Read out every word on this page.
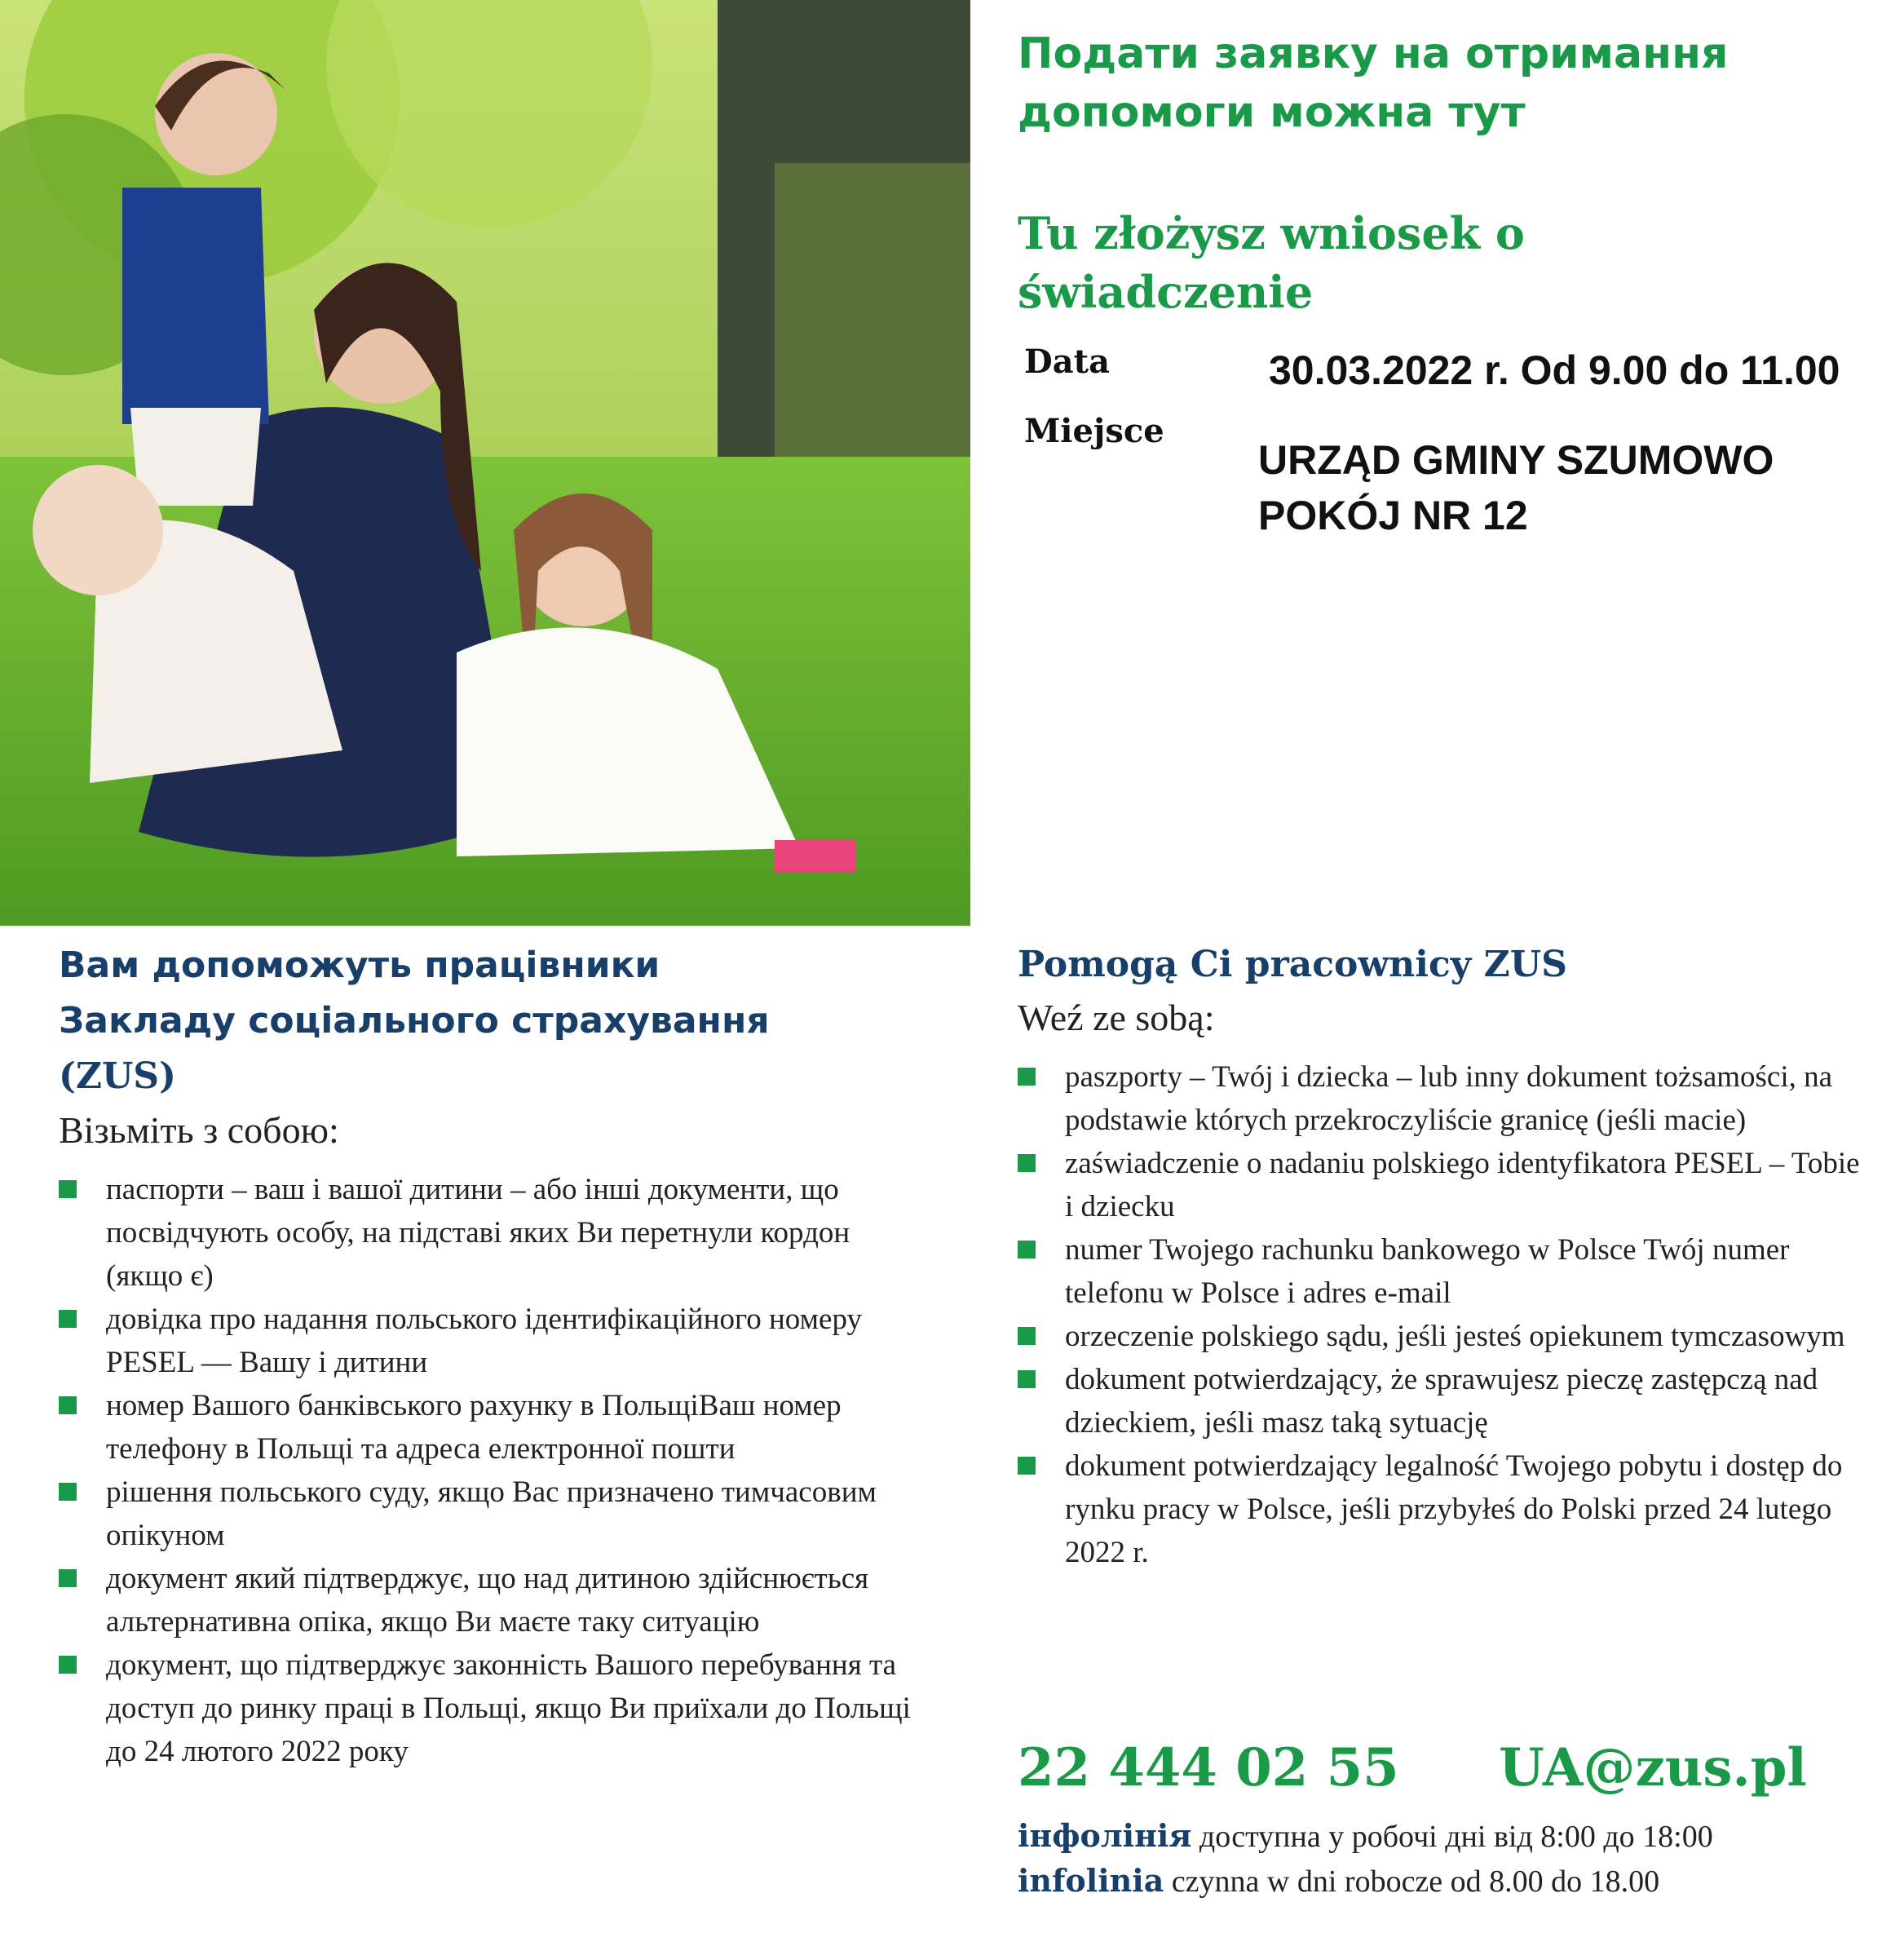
Подати заявку на отримання
допомоги можна тут
Tu złożysz wniosek o
świadczenie
Data	30.03.2022 r. Od 9.00 do 11.00
Miejsce
URZĄD GMINY SZUMOWO
POKÓJ NR 12
Вам допоможуть працівники
Закладу соціального страхування
(ZUS)
Візьміть з собою:
паспорти – ваш і вашої дитини – або інші документи, що посвідчують особу, на підставі яких Ви перетнули кордон (якщо є)
довідка про надання польського ідентифікаційного номеру PESEL — Вашу і дитини
номер Вашого банківського рахунку в ПольщіВаш номер телефону в Польщі та адреса електронної пошти
рішення польського суду, якщо Вас призначено тимчасовим опікуном
документ який підтверджує, що над дитиною здійснюється альтернативна опіка, якщо Ви маєте таку ситуацію
документ, що підтверджує законність Вашого перебування та доступ до ринку праці в Польщі, якщо Ви приїхали до Польщі до 24 лютого 2022 року
Pomogą Ci pracownicy ZUS
Weź ze sobą:
paszporty – Twój i dziecka – lub inny dokument tożsamości, na podstawie których przekroczyliście granicę (jeśli macie)
zaświadczenie o nadaniu polskiego identyfikatora PESEL – Tobie i dziecku
numer Twojego rachunku bankowego w Polsce Twój numer telefonu w Polsce i adres e-mail
orzeczenie polskiego sądu, jeśli jesteś opiekunem tymczasowym
dokument potwierdzający, że sprawujesz pieczę zastępczą nad dzieckiem, jeśli masz taką sytuację
dokument potwierdzający legalność Twojego pobytu i dostęp do rynku pracy w Polsce, jeśli przybyłeś do Polski przed 24 lutego 2022 r.
22 444 02 55 UA@zus.pl
інфолінія доступна у робочі дні від 8:00 до 18:00
infolinia czynna w dni robocze od 8.00 do 18.00
